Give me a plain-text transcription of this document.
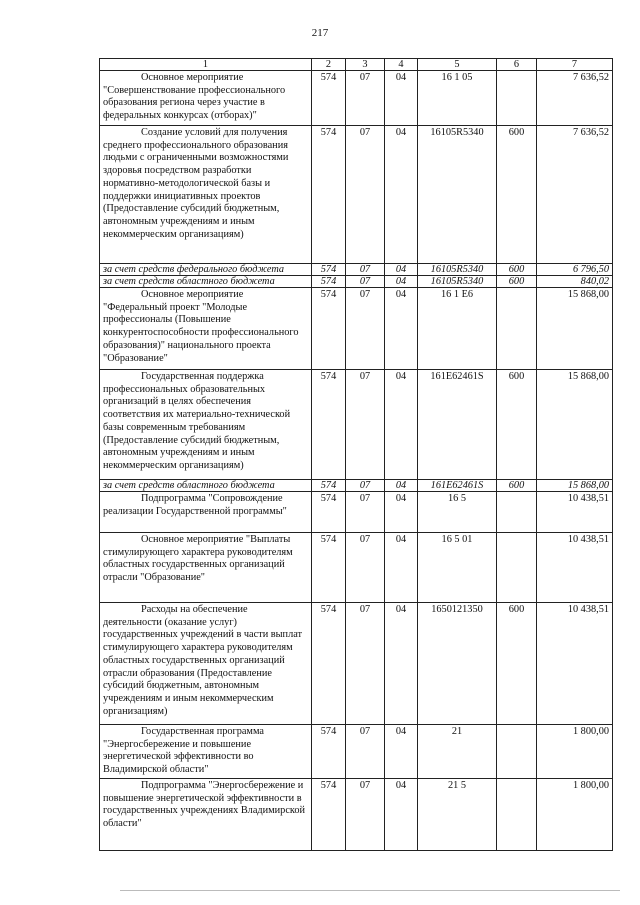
217
1	2	3	4	5	6	7
Основное мероприятие "Совершенствование профессионального образования региона через участие в федеральных конкурсах (отборах)"	574	07	04	16 1 05		7 636,52
Создание условий для получения среднего профессионального образования людьми с ограниченными возможностями здоровья посредством разработки нормативно-методологической базы и поддержки инициативных проектов (Предоставление субсидий бюджетным, автономным учреждениям и иным некоммерческим организациям)	574	07	04	16105R5340	600	7 636,52
за счет средств федерального бюджета	574	07	04	16105R5340	600	6 796,50
за счет средств областного бюджета	574	07	04	16105R5340	600	840,02
Основное мероприятие "Федеральный проект "Молодые профессионалы (Повышение конкурентоспособности профессионального образования)" национального проекта "Образование"	574	07	04	16 1 E6		15 868,00
Государственная поддержка профессиональных образовательных организаций в целях обеспечения соответствия их материально-технической базы современным требованиям (Предоставление субсидий бюджетным, автономным учреждениям и иным некоммерческим организациям)	574	07	04	161E62461S	600	15 868,00
за счет средств областного бюджета	574	07	04	161E62461S	600	15 868,00
Подпрограмма "Сопровождение реализации Государственной программы"	574	07	04	16 5		10 438,51
Основное мероприятие "Выплаты стимулирующего характера руководителям областных государственных организаций отрасли "Образование"	574	07	04	16 5 01		10 438,51
Расходы на обеспечение деятельности (оказание услуг) государственных учреждений в части выплат стимулирующего характера руководителям областных государственных организаций отрасли образования (Предоставление субсидий бюджетным, автономным учреждениям и иным некоммерческим организациям)	574	07	04	1650121350	600	10 438,51
Государственная программа "Энергосбережение и повышение энергетической эффективности во Владимирской области"	574	07	04	21		1 800,00
Подпрограмма "Энергосбережение и повышение энергетической эффективности в государственных учреждениях Владимирской области"	574	07	04	21 5		1 800,00
